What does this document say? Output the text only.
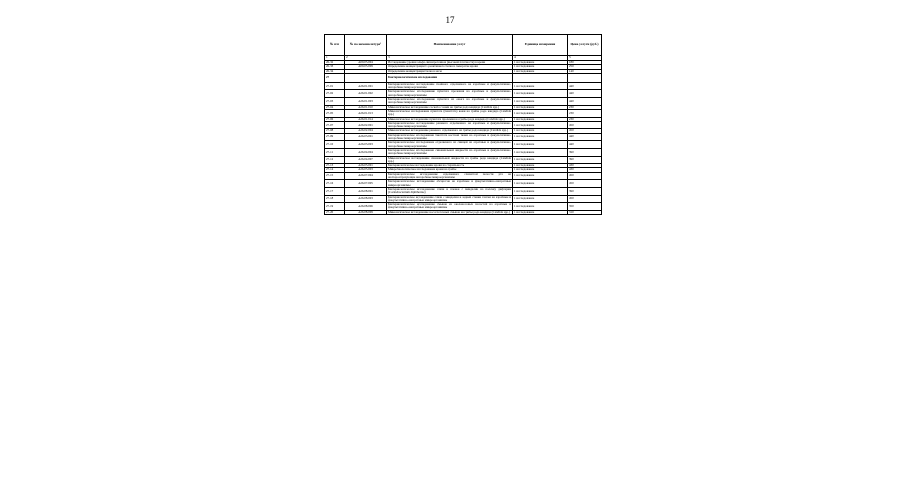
17
№ п/п	№ по номенклатуре¹	Наименование услуг	Единица измерения	Цена услуги (руб.)
1	2	3	4	5
26-32	A09.05.004	Исследование уровня альфа-липопротеинов (высокой плотности) в крови	1 исследование	180
26-33	A09.05.009	Определение концентрации С-реактивного белка в сыворотке крови	1 исследование	250
26-34		Определение концентрации белка в моче	1 исследование	140
27		Бактериологические исследования		
27-01	A26.01.001	Бактериологическое исследование гнойного отделяемого на аэробные и факультативно-анаэробные микроорганизмы	1 исследование	440
27-02	A26.01.002	Бактериологическое исследование пунктата пролежня на аэробные и факультативно-анаэробные микроорганизмы	1 исследование	440
27-03	A26.01.003	Бактериологическое исследование пунктата из ожога на аэробные и факультативно-анаэробные микроорганизмы	1 исследование	440
27-04	A26.01.010	Микологическое исследование соскоба с кожи на грибы рода кандида (Candida spp.)	1 исследование	230
27-05	A26.01.013	Микологическое исследование пунктата (биоптата) кожи на грибы рода кандида (Candida spp.)	1 исследование	230
27-06	A26.01.014	Микологическое исследование пунктата пролежня на грибы рода кандида (Candida spp.)	1 исследование	230
27-07	A26.02.001	Бактериологическое исследование раневого отделяемого на аэробные и факультативно-анаэробные микроорганизмы	1 исследование	450
27-08	A26.02.004	Микологическое исследование раневого отделяемого на грибы рода кандида (Candida spp.)	1 исследование	450
27-09	A26.03.001	Бактериологическое исследование биоптата костной ткани на аэробные и факультативно-анаэробные микроорганизмы	1 исследование	440
27-10	A26.03.003	Бактериологическое исследование отделяемого из свищей на аэробные и факультативно-анаэробные микроорганизмы	1 исследование	440
27-11	A26.04.004	Бактериологическое исследование синовиальной жидкости на аэробные и факультативно-анаэробные микроорганизмы	1 исследование	390
27-12	A26.04.007	Микологическое исследование синовиальной жидкости на грибы рода кандида (Candida spp.)	1 исследование	390
27-13	A26.05.001	Бактериологическое исследование крови на стерильность	1 исследование	430
27-14	A26.05.003	Микробиологическое исследование крови на грибы	1 исследование	430
27-15	A26.07.004	Бактериологическое исследование отделяемого слизистой полости рта на неспорообразующие анаэробные микроорганизмы	1 исследование	450
27-16	A26.07.005	Бактериологическое исследование абсцессов на аэробные и факультативно-анаэробные микроорганизмы	1 исследование	450
27-17	A26.08.001	Бактериологическое исследование слизи и пленок с миндалин на палочку дифтерии (Corinebacterium diphtheriae)	1 исследование	390
27-18	A26.08.003	Бактериологическое исследование слизи с миндалин и задней стенки глотки на аэробные и факультативно-анаэробные микроорганизмы	1 исследование	450
27-19	A26.08.006	Бактериологическое исследование смывов из околоносовых полостей на аэробные и факультативно-анаэробные микроорганизмы	1 исследование	350
27-20	A26.08.009	Микологическое исследование носоглоточных смывов на грибы рода кандида (Candida spp.)	1 исследование	310
